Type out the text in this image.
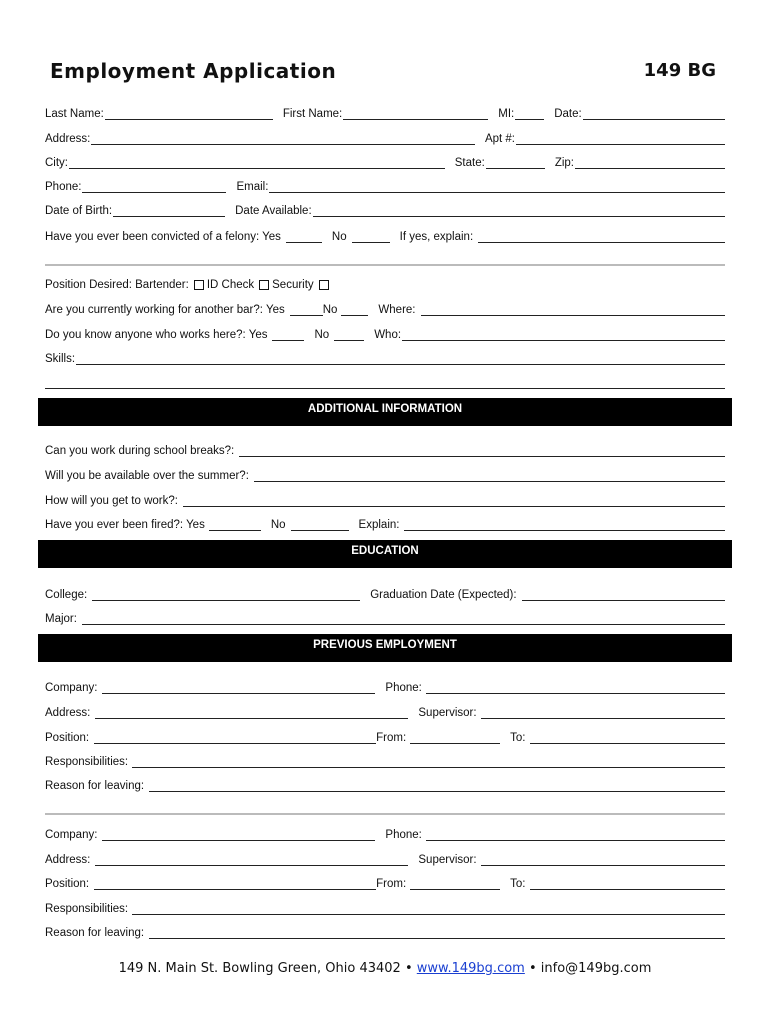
Employment Application	149 BG
Last Name:	First Name:	MI:	Date:
Address:	Apt #:
City:	State:	Zip:
Phone:	Email:
Date of Birth:	Date Available:
Have you ever been convicted of a felony: Yes	No	If yes, explain:
Position Desired: Bartender: ID Check Security
Are you currently working for another bar?: Yes	No	Where:
Do you know anyone who works here?: Yes	No	Who:
Skills:
ADDITIONAL INFORMATION
Can you work during school breaks?:
Will you be available over the summer?:
How will you get to work?:
Have you ever been fired?: Yes	No	Explain:
EDUCATION
College:	Graduation Date (Expected):
Major:
PREVIOUS EMPLOYMENT
Company:	Phone:
Address:	Supervisor:
Position:	From:	To:
Responsibilities:
Reason for leaving:
Company:	Phone:
Address:	Supervisor:
Position:	From:	To:
Responsibilities:
Reason for leaving:
149 N. Main St. Bowling Green, Ohio 43402 • www.149bg.com • info@149bg.com
